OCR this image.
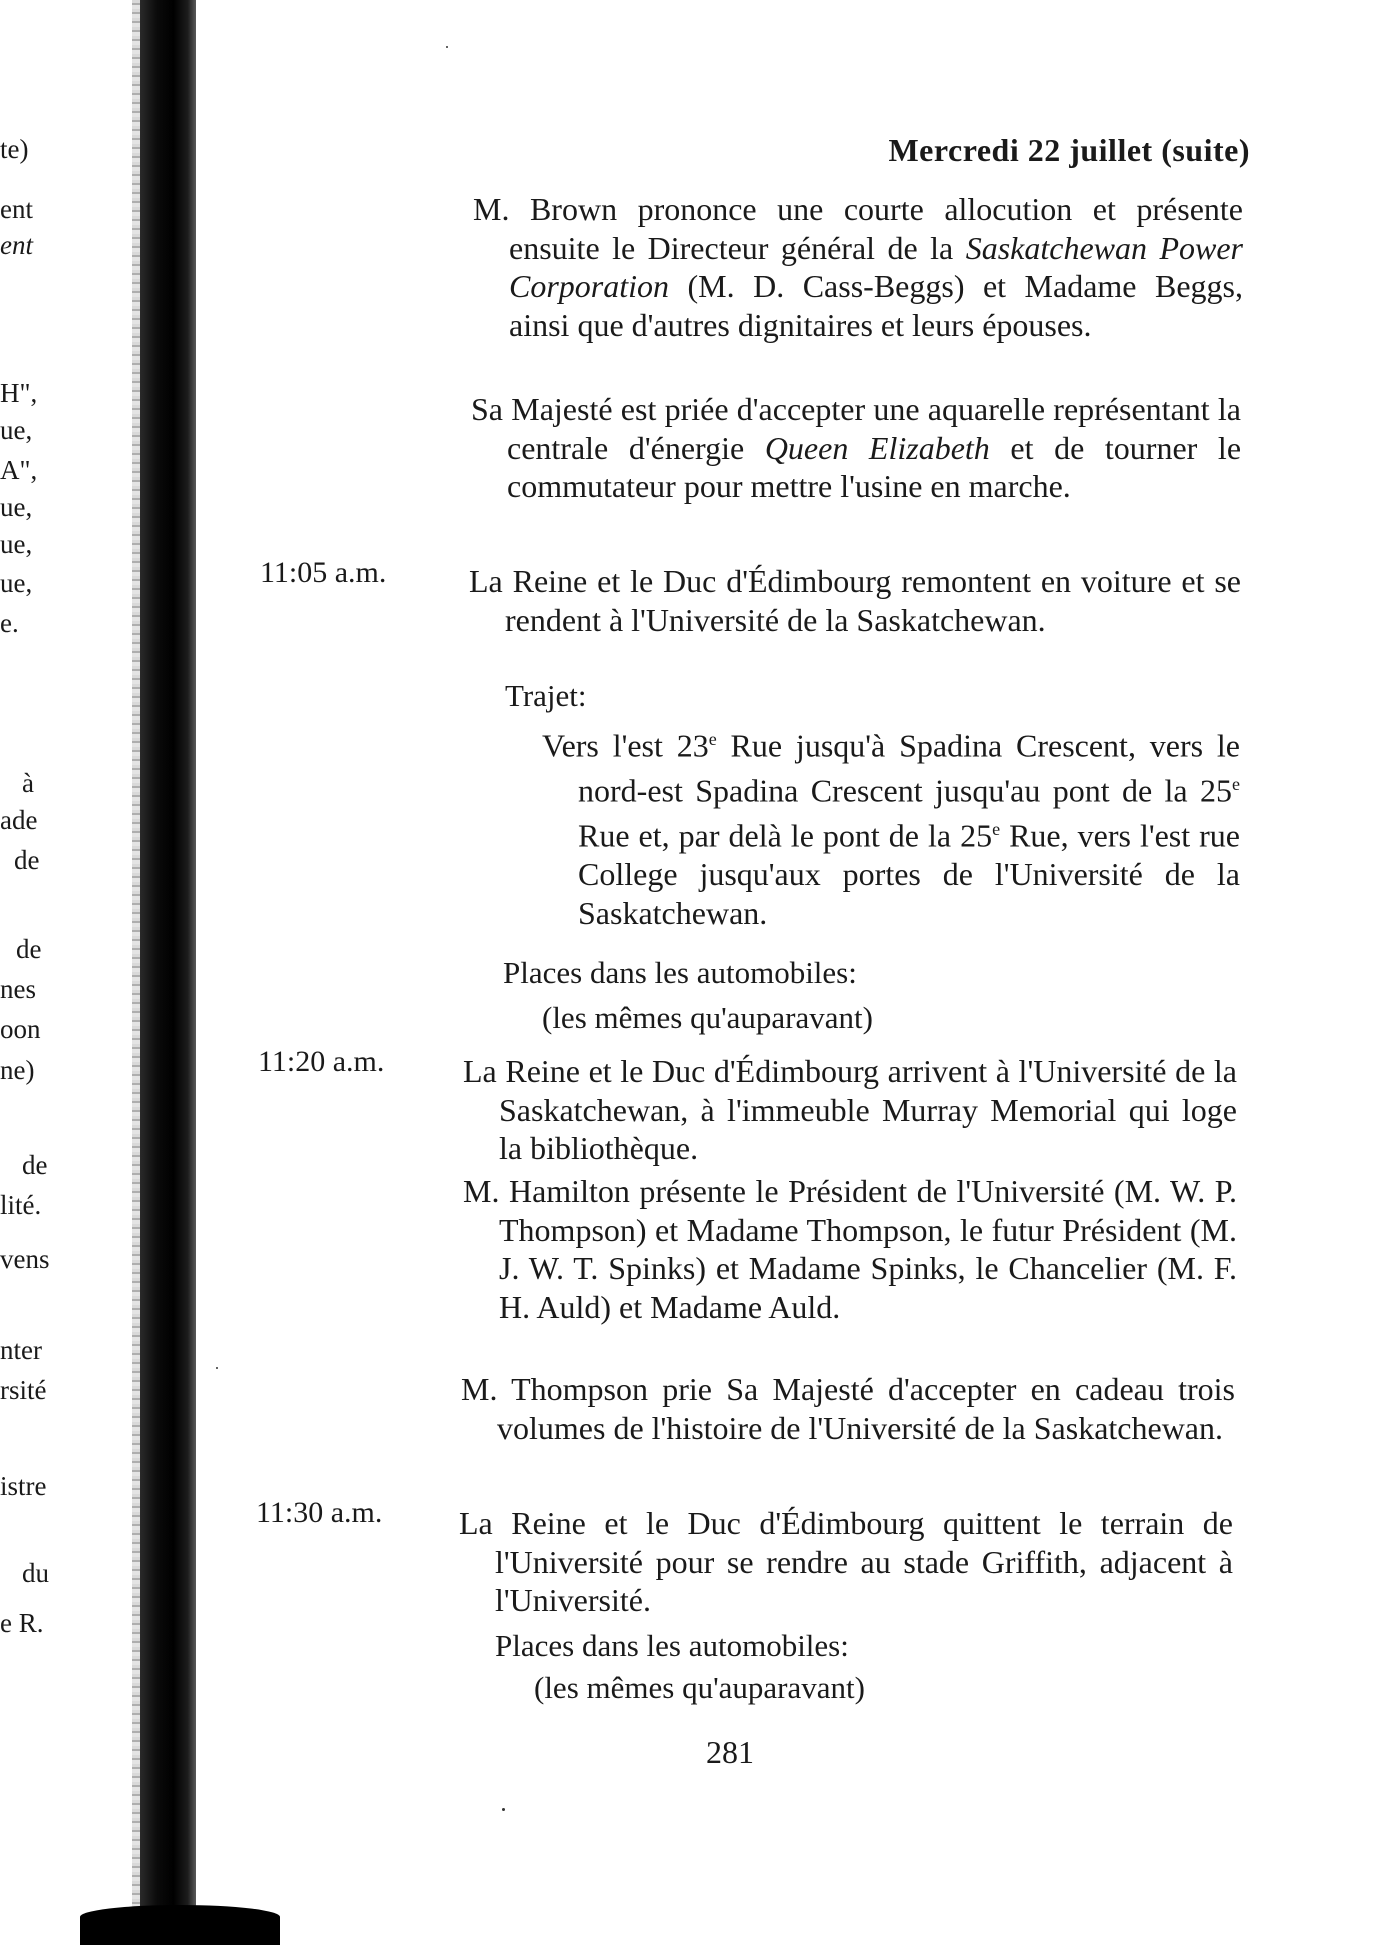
te)
ent
ent
H",
ue,
A",
ue,
ue,
ue,
e.
à
ade
de
de
nes
oon
ne)
de
lité.
vens
nter
rsité
istre
du
e R.
Mercredi 22 juillet (suite)

M. Brown prononce une courte allocution et présente ensuite le Directeur général de la Saskatchewan Power Corporation (M. D. Cass-Beggs) et Madame Beggs, ainsi que d'autres dignitaires et leurs épouses.

Sa Majesté est priée d'accepter une aquarelle représentant la centrale d'énergie Queen Elizabeth et de tourner le commutateur pour mettre l'usine en marche.

11:05 a.m.	La Reine et le Duc d'Édimbourg remontent en voiture et se rendent à l'Université de la Saskatchewan.

Trajet:

Vers l'est 23e Rue jusqu'à Spadina Crescent, vers le nord-est Spadina Crescent jusqu'au pont de la 25e Rue et, par delà le pont de la 25e Rue, vers l'est rue College jusqu'aux portes de l'Université de la Saskatchewan.

Places dans les automobiles:
(les mêmes qu'auparavant)
11:20 a.m. La Reine et le Duc d'Édimbourg arrivent à l'Université de la Saskatchewan, à l'immeuble Murray Memorial qui loge la bibliothèque.

M. Hamilton présente le Président de l'Université (M. W. P. Thompson) et Madame Thompson, le futur Président (M. J. W. T. Spinks) et Madame Spinks, le Chancelier (M. F. H. Auld) et Madame Auld.

M. Thompson prie Sa Majesté d'accepter en cadeau trois volumes de l'histoire de l'Université de la Saskatchewan.

11:30 a.m. La Reine et le Duc d'Édimbourg quittent le terrain de l'Université pour se rendre au stade Griffith, adjacent à l'Université.

Places dans les automobiles:
(les mêmes qu'auparavant)
281
